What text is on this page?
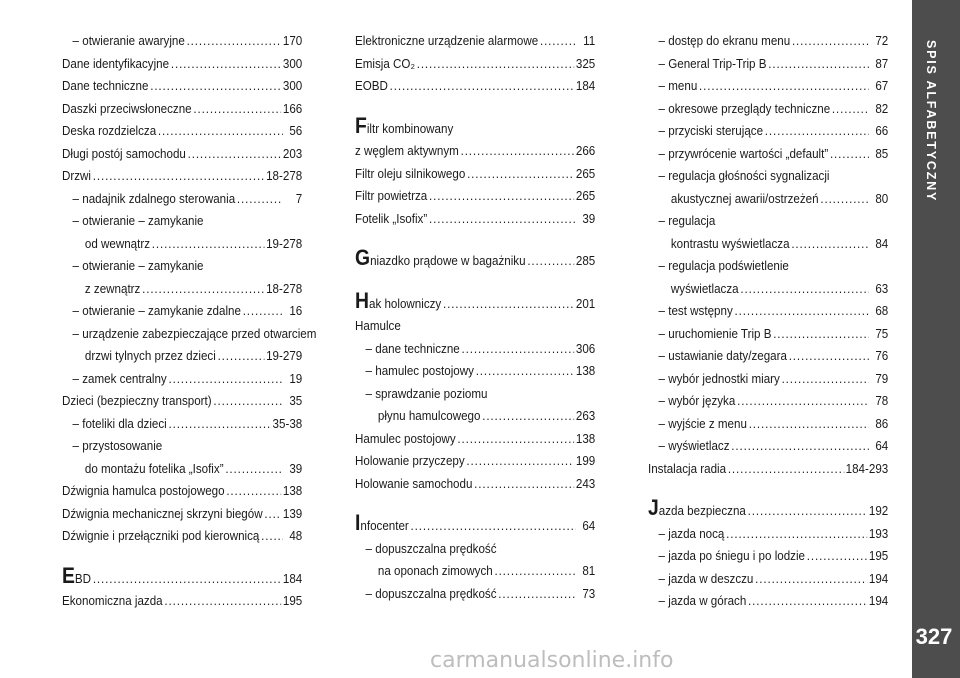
– otwieranie awaryjne .....	170
Dane identyfikacyjne .....	300
Dane techniczne .....	300
Daszki przeciwsłoneczne .....	166
Deska rozdzielcza .....	56
Długi postój samochodu .....	203
Drzwi .....	18-278
– nadajnik zdalnego sterowania .....	7
– otwieranie – zamykanie
od wewnątrz .....	19-278
– otwieranie – zamykanie
z zewnątrz .....	18-278
– otwieranie – zamykanie zdalne .....	16
– urządzenie zabezpieczające przed otwarciem
drzwi tylnych przez dzieci .....	19-279
– zamek centralny .....	19
Dzieci (bezpieczny transport) .....	35
– foteliki dla dzieci .....	35-38
– przystosowanie
do montażu fotelika „Isofix” .....	39
Dźwignia hamulca postojowego .....	138
Dźwignia mechanicznej skrzyni biegów ..... 139
Dźwignie i przełączniki pod kierownicą .....	48
EBD .....	184
Ekonomiczna jazda .....	195
Elektroniczne urządzenie alarmowe .....	11
Emisja CO₂ .....	325
EOBD .....	184
Filtr kombinowany
z węglem aktywnym .....	266
Filtr oleju silnikowego .....	265
Filtr powietrza .....	265
Fotelik „Isofix” .....	39
Gniazdko prądowe w bagażniku .....	285
Hak holowniczy .....	201
Hamulce
– dane techniczne .....	306
– hamulec postojowy .....	138
– sprawdzanie poziomu
płynu hamulcowego .....	263
Hamulec postojowy .....	138
Holowanie przyczepy .....	199
Holowanie samochodu .....	243
Infocenter .....	64
– dopuszczalna prędkość
na oponach zimowych .....	81
– dopuszczalna prędkość .....	73
– dostęp do ekranu menu .....	72
– General Trip-Trip B .....	87
– menu .....	67
– okresowe przeglądy techniczne .....	82
– przyciski sterujące .....	66
– przywrócenie wartości „default” .....	85
– regulacja głośności sygnalizacji
akustycznej awarii/ostrzeżeń .....	80
– regulacja
kontrastu wyświetlacza .....	84
– regulacja podświetlenie
wyświetlacza .....	63
– test wstępny .....	68
– uruchomienie Trip B .....	75
– ustawianie daty/zegara .....	76
– wybór jednostki miary .....	79
– wybór języka .....	78
– wyjście z menu .....	86
– wyświetlacz .....	64
Instalacja radia .....	184-293
Jazda bezpieczna .....	192
– jazda nocą .....	193
– jazda po śniegu i po lodzie .....	195
– jazda w deszczu .....	194
– jazda w górach .....	194
SPIS ALFABETYCZNY
327
carmanualsonline.info
